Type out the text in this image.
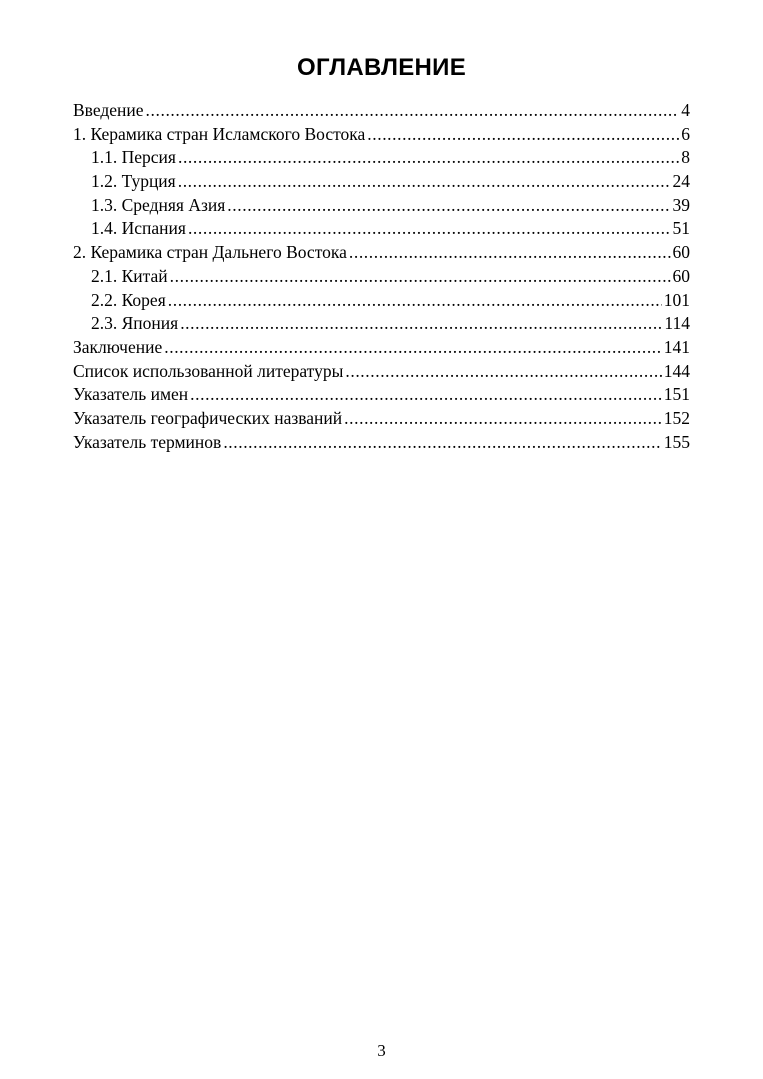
ОГЛАВЛЕНИЕ
Введение .....	4
1. Керамика стран Исламского Востока .....	6
1.1. Персия .....	8
1.2. Турция .....	24
1.3. Средняя Азия .....	39
1.4. Испания .....	51
2. Керамика стран Дальнего Востока .....	60
2.1. Китай .....	60
2.2. Корея .....	101
2.3. Япония .....	114
Заключение .....	141
Список использованной литературы .....	144
Указатель имен .....	151
Указатель географических названий .....	152
Указатель терминов .....	155
3
